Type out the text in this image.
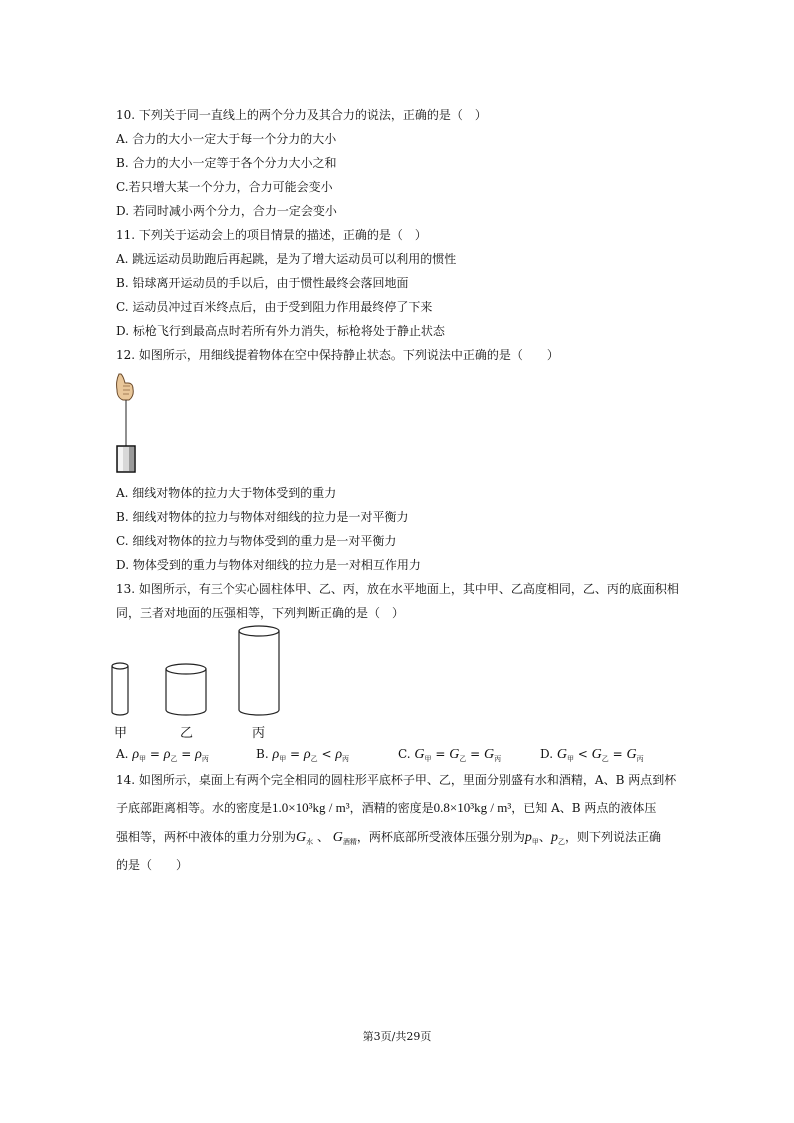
10. 下列关于同一直线上的两个分力及其合力的说法，正确的是（　）
A. 合力的大小一定大于每一个分力的大小
B. 合力的大小一定等于各个分力大小之和
C.若只增大某一个分力，合力可能会变小
D. 若同时减小两个分力，合力一定会变小
11. 下列关于运动会上的项目情景的描述，正确的是（　）
A. 跳远运动员助跑后再起跳，是为了增大运动员可以利用的惯性
B. 铅球离开运动员的手以后，由于惯性最终会落回地面
C. 运动员冲过百米终点后，由于受到阻力作用最终停了下来
D. 标枪飞行到最高点时若所有外力消失，标枪将处于静止状态
12. 如图所示，用细线提着物体在空中保持静止状态。下列说法中正确的是（　　）
A. 细线对物体的拉力大于物体受到的重力
B. 细线对物体的拉力与物体对细线的拉力是一对平衡力
C. 细线对物体的拉力与物体受到的重力是一对平衡力
D. 物体受到的重力与物体对细线的拉力是一对相互作用力
13. 如图所示，有三个实心圆柱体甲、乙、丙，放在水平地面上，其中甲、乙高度相同，乙、丙的底面积相
同，三者对地面的压强相等，下列判断正确的是（　）
甲	乙	丙
A. $\rho_甲 = \rho_乙 = \rho_丙$	B. $\rho_甲 = \rho_乙 < \rho_丙$	C. $G_甲 = G_乙 = G_丙$	D. $G_甲 < G_乙 = G_丙$
14. 如图所示，桌面上有两个完全相同的圆柱形平底杯子甲、乙，里面分别盛有水和酒精，A、B 两点到杯
子底部距离相等。水的密度是1.0×10³kg / m³，酒精的密度是0.8×10³kg / m³，已知 A、B 两点的液体压
强相等，两杯中液体的重力分别为$G_水$ 、 $G_{酒精}$，两杯底部所受液体压强分别为$p_甲$、$p_乙$，则下列说法正确
的是（　　）
第3页/共29页
